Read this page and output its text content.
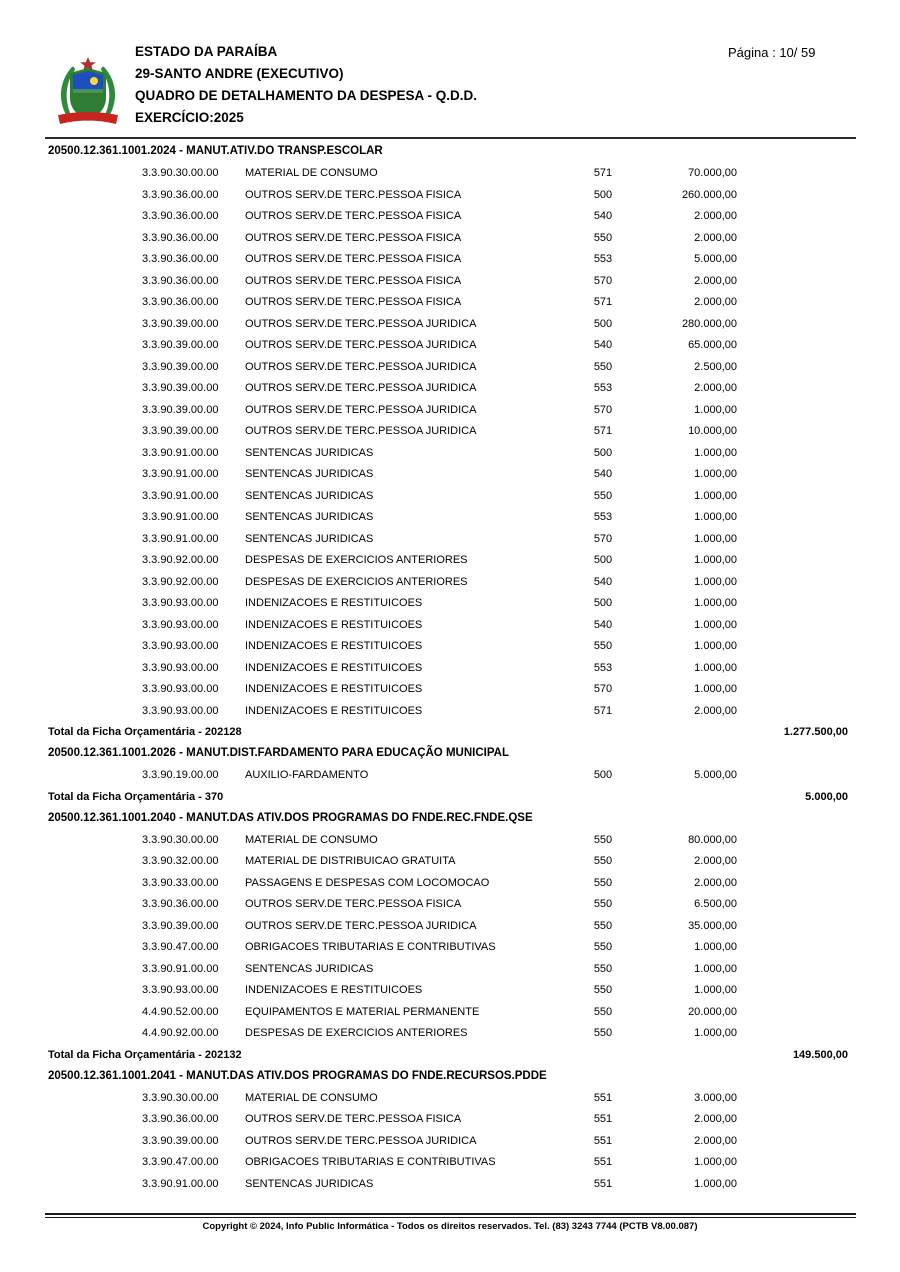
ESTADO DA PARAÍBA
29-SANTO ANDRE (EXECUTIVO)
QUADRO DE DETALHAMENTO DA DESPESA - Q.D.D.
EXERCÍCIO:2025
Página : 10/ 59
20500.12.361.1001.2024 - MANUT.ATIV.DO TRANSP.ESCOLAR
3.3.90.30.00.00	MATERIAL DE CONSUMO	571	70.000,00
3.3.90.36.00.00	OUTROS SERV.DE TERC.PESSOA FISICA	500	260.000,00
3.3.90.36.00.00	OUTROS SERV.DE TERC.PESSOA FISICA	540	2.000,00
3.3.90.36.00.00	OUTROS SERV.DE TERC.PESSOA FISICA	550	2.000,00
3.3.90.36.00.00	OUTROS SERV.DE TERC.PESSOA FISICA	553	5.000,00
3.3.90.36.00.00	OUTROS SERV.DE TERC.PESSOA FISICA	570	2.000,00
3.3.90.36.00.00	OUTROS SERV.DE TERC.PESSOA FISICA	571	2.000,00
3.3.90.39.00.00	OUTROS SERV.DE TERC.PESSOA JURIDICA	500	280.000,00
3.3.90.39.00.00	OUTROS SERV.DE TERC.PESSOA JURIDICA	540	65.000,00
3.3.90.39.00.00	OUTROS SERV.DE TERC.PESSOA JURIDICA	550	2.500,00
3.3.90.39.00.00	OUTROS SERV.DE TERC.PESSOA JURIDICA	553	2.000,00
3.3.90.39.00.00	OUTROS SERV.DE TERC.PESSOA JURIDICA	570	1.000,00
3.3.90.39.00.00	OUTROS SERV.DE TERC.PESSOA JURIDICA	571	10.000,00
3.3.90.91.00.00	SENTENCAS JURIDICAS	500	1.000,00
3.3.90.91.00.00	SENTENCAS JURIDICAS	540	1.000,00
3.3.90.91.00.00	SENTENCAS JURIDICAS	550	1.000,00
3.3.90.91.00.00	SENTENCAS JURIDICAS	553	1.000,00
3.3.90.91.00.00	SENTENCAS JURIDICAS	570	1.000,00
3.3.90.92.00.00	DESPESAS DE EXERCICIOS ANTERIORES	500	1.000,00
3.3.90.92.00.00	DESPESAS DE EXERCICIOS ANTERIORES	540	1.000,00
3.3.90.93.00.00	INDENIZACOES E RESTITUICOES	500	1.000,00
3.3.90.93.00.00	INDENIZACOES E RESTITUICOES	540	1.000,00
3.3.90.93.00.00	INDENIZACOES E RESTITUICOES	550	1.000,00
3.3.90.93.00.00	INDENIZACOES E RESTITUICOES	553	1.000,00
3.3.90.93.00.00	INDENIZACOES E RESTITUICOES	570	1.000,00
3.3.90.93.00.00	INDENIZACOES E RESTITUICOES	571	2.000,00
Total da Ficha Orçamentária - 202128	1.277.500,00
20500.12.361.1001.2026 - MANUT.DIST.FARDAMENTO PARA EDUCAÇÃO MUNICIPAL
3.3.90.19.00.00	AUXILIO-FARDAMENTO	500	5.000,00
Total da Ficha Orçamentária - 370	5.000,00
20500.12.361.1001.2040 - MANUT.DAS ATIV.DOS PROGRAMAS DO FNDE.REC.FNDE.QSE
3.3.90.30.00.00	MATERIAL DE CONSUMO	550	80.000,00
3.3.90.32.00.00	MATERIAL DE DISTRIBUICAO GRATUITA	550	2.000,00
3.3.90.33.00.00	PASSAGENS E DESPESAS COM LOCOMOCAO	550	2.000,00
3.3.90.36.00.00	OUTROS SERV.DE TERC.PESSOA FISICA	550	6.500,00
3.3.90.39.00.00	OUTROS SERV.DE TERC.PESSOA JURIDICA	550	35.000,00
3.3.90.47.00.00	OBRIGACOES TRIBUTARIAS E CONTRIBUTIVAS	550	1.000,00
3.3.90.91.00.00	SENTENCAS JURIDICAS	550	1.000,00
3.3.90.93.00.00	INDENIZACOES E RESTITUICOES	550	1.000,00
4.4.90.52.00.00	EQUIPAMENTOS E MATERIAL PERMANENTE	550	20.000,00
4.4.90.92.00.00	DESPESAS DE EXERCICIOS ANTERIORES	550	1.000,00
Total da Ficha Orçamentária - 202132	149.500,00
20500.12.361.1001.2041 - MANUT.DAS ATIV.DOS PROGRAMAS DO FNDE.RECURSOS.PDDE
3.3.90.30.00.00	MATERIAL DE CONSUMO	551	3.000,00
3.3.90.36.00.00	OUTROS SERV.DE TERC.PESSOA FISICA	551	2.000,00
3.3.90.39.00.00	OUTROS SERV.DE TERC.PESSOA JURIDICA	551	2.000,00
3.3.90.47.00.00	OBRIGACOES TRIBUTARIAS E CONTRIBUTIVAS	551	1.000,00
3.3.90.91.00.00	SENTENCAS JURIDICAS	551	1.000,00
Copyright © 2024, Info Public Informática - Todos os direitos reservados. Tel. (83) 3243 7744 (PCTB V8.00.087)
